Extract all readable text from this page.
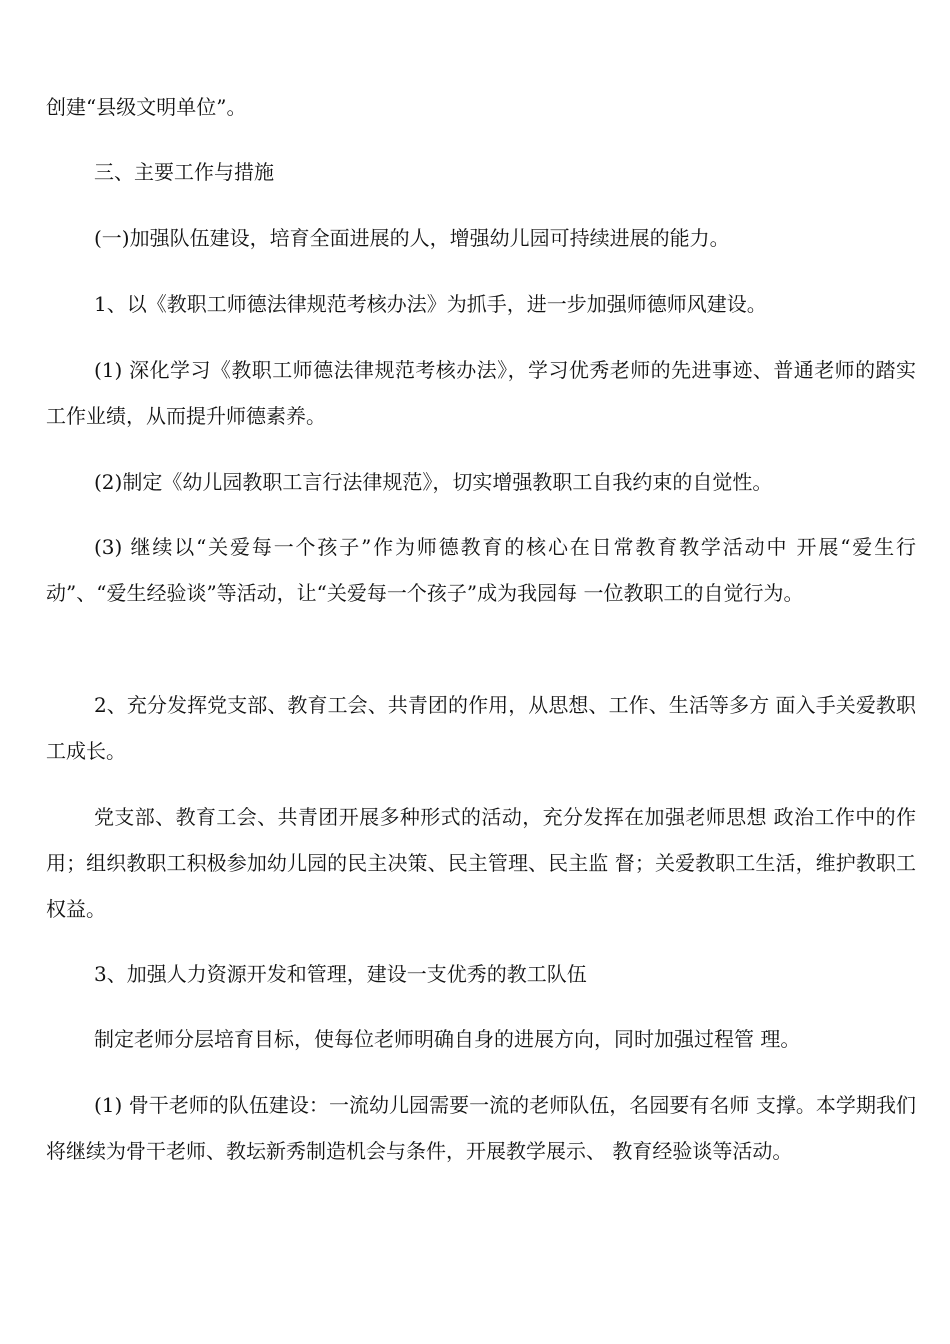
创建“县级文明单位”。

三、主要工作与措施

(一)加强队伍建设，培育全面进展的人，增强幼儿园可持续进展的能力。

1、以《教职工师德法律规范考核办法》为抓手，进一步加强师德师风建设。

(1) 深化学习《教职工师德法律规范考核办法》，学习优秀老师的先进事迹、普通老师的踏实工作业绩，从而提升师德素养。

(2)制定《幼儿园教职工言行法律规范》，切实增强教职工自我约束的自觉性。

(3) 继续以“关爱每一个孩子”作为师德教育的核心在日常教育教学活动中 开展“爱生行动”、“爱生经验谈”等活动，让“关爱每一个孩子”成为我园每 一位教职工的自觉行为。

2、充分发挥党支部、教育工会、共青团的作用，从思想、工作、生活等多方 面入手关爱教职工成长。

党支部、教育工会、共青团开展多种形式的活动，充分发挥在加强老师思想 政治工作中的作用；组织教职工积极参加幼儿园的民主决策、民主管理、民主监 督；关爱教职工生活，维护教职工权益。

3、加强人力资源开发和管理，建设一支优秀的教工队伍

制定老师分层培育目标，使每位老师明确自身的进展方向，同时加强过程管 理。

(1) 骨干老师的队伍建设：一流幼儿园需要一流的老师队伍，名园要有名师 支撑。本学期我们将继续为骨干老师、教坛新秀制造机会与条件，开展教学展示、 教育经验谈等活动。
